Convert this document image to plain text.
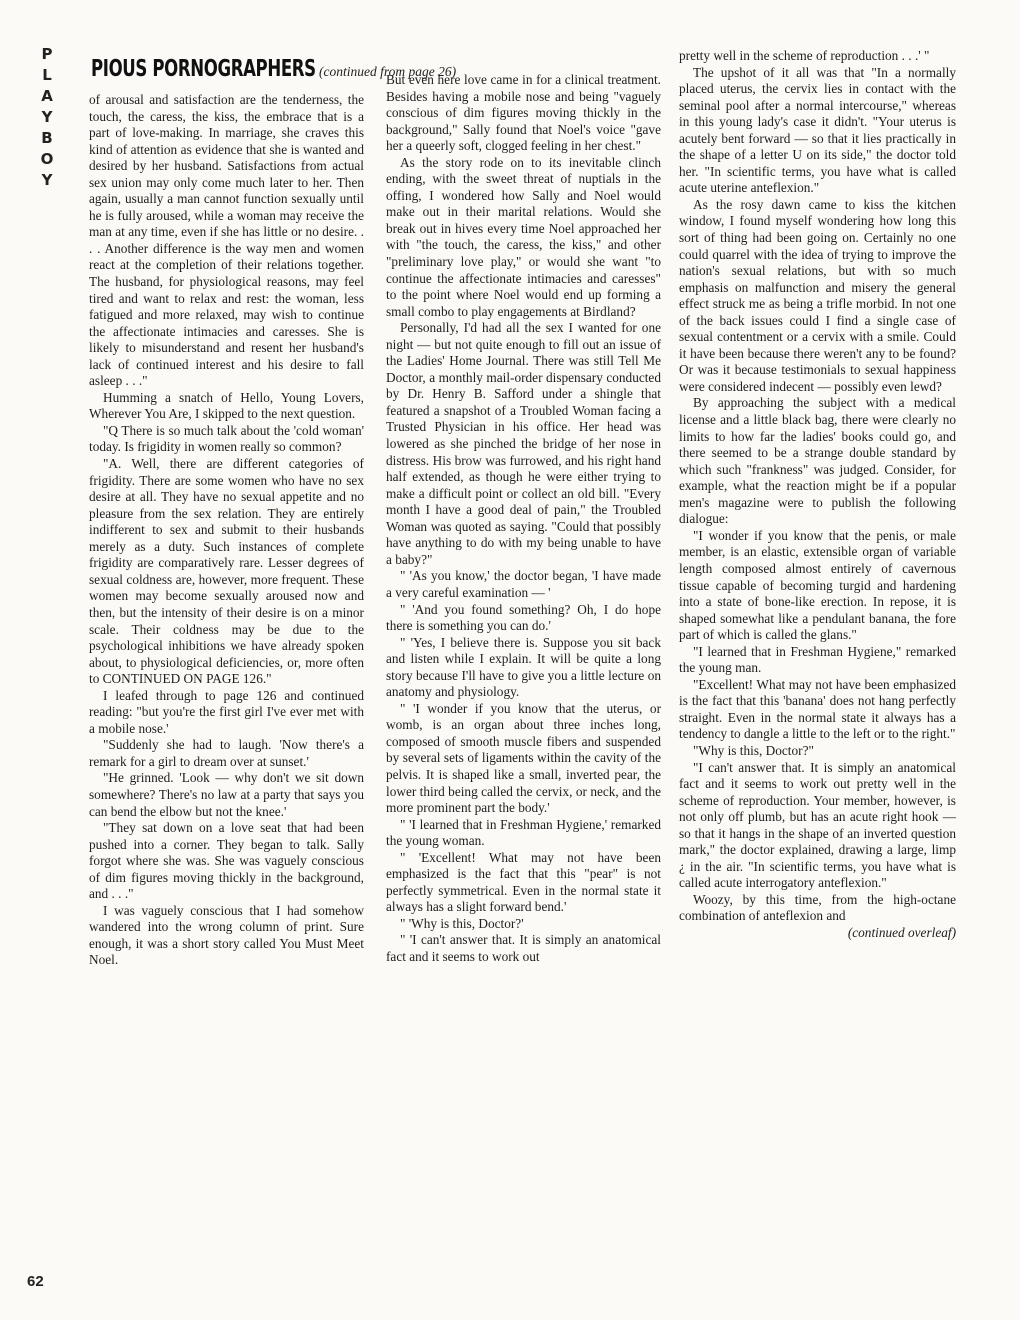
P
L
A
Y
B
O
Y
62
PIOUS PORNOGRAPHERS (continued from page 26)

of arousal and satisfaction are the tenderness, the touch, the caress, the kiss, the embrace that is a part of love-making. In marriage, she craves this kind of attention as evidence that she is wanted and desired by her husband. Satisfactions from actual sex union may only come much later to her. Then again, usually a man cannot function sexually until he is fully aroused, while a woman may receive the man at any time, even if she has little or no desire. . . . Another difference is the way men and women react at the completion of their relations together. The husband, for physiological reasons, may feel tired and want to relax and rest: the woman, less fatigued and more relaxed, may wish to continue the affectionate intimacies and caresses. She is likely to misunderstand and resent her husband's lack of continued interest and his desire to fall asleep . . ."

Humming a snatch of Hello, Young Lovers, Wherever You Are, I skipped to the next question.

"Q There is so much talk about the 'cold woman' today. Is frigidity in women really so common?

"A. Well, there are different categories of frigidity. There are some women who have no sex desire at all. They have no sexual appetite and no pleasure from the sex relation. They are entirely indifferent to sex and submit to their husbands merely as a duty. Such instances of complete frigidity are comparatively rare. Lesser degrees of sexual coldness are, however, more frequent. These women may become sexually aroused now and then, but the intensity of their desire is on a minor scale. Their coldness may be due to the psychological inhibitions we have already spoken about, to physiological deficiencies, or, more often to CONTINUED ON PAGE 126."

I leafed through to page 126 and continued reading: "but you're the first girl I've ever met with a mobile nose.'

"Suddenly she had to laugh. 'Now there's a remark for a girl to dream over at sunset.'

"He grinned. 'Look — why don't we sit down somewhere? There's no law at a party that says you can bend the elbow but not the knee.'

"They sat down on a love seat that had been pushed into a corner. They began to talk. Sally forgot where she was. She was vaguely conscious of dim figures moving thickly in the background, and . . ."

I was vaguely conscious that I had somehow wandered into the wrong column of print. Sure enough, it was a short story called You Must Meet Noel.

But even here love came in for a clinical treatment. Besides having a mobile nose and being "vaguely conscious of dim figures moving thickly in the background," Sally found that Noel's voice "gave her a queerly soft, clogged feeling in her chest."

As the story rode on to its inevitable clinch ending, with the sweet threat of nuptials in the offing, I wondered how Sally and Noel would make out in their marital relations. Would she break out in hives every time Noel approached her with "the touch, the caress, the kiss," and other "preliminary love play," or would she want "to continue the affectionate intimacies and caresses" to the point where Noel would end up forming a small combo to play engagements at Birdland?

Personally, I'd had all the sex I wanted for one night — but not quite enough to fill out an issue of the Ladies' Home Journal. There was still Tell Me Doctor, a monthly mail-order dispensary conducted by Dr. Henry B. Safford under a shingle that featured a snapshot of a Troubled Woman facing a Trusted Physician in his office. Her head was lowered as she pinched the bridge of her nose in distress. His brow was furrowed, and his right hand half extended, as though he were either trying to make a difficult point or collect an old bill. "Every month I have a good deal of pain," the Troubled Woman was quoted as saying. "Could that possibly have anything to do with my being unable to have a baby?"

" 'As you know,' the doctor began, 'I have made a very careful examination — '

" 'And you found something? Oh, I do hope there is something you can do.'

" 'Yes, I believe there is. Suppose you sit back and listen while I explain. It will be quite a long story because I'll have to give you a little lecture on anatomy and physiology.

" 'I wonder if you know that the uterus, or womb, is an organ about three inches long, composed of smooth muscle fibers and suspended by several sets of ligaments within the cavity of the pelvis. It is shaped like a small, inverted pear, the lower third being called the cervix, or neck, and the more prominent part the body.'

" 'I learned that in Freshman Hygiene,' remarked the young woman.

" 'Excellent! What may not have been emphasized is the fact that this "pear" is not perfectly symmetrical. Even in the normal state it always has a slight forward bend.'

" 'Why is this, Doctor?'

" 'I can't answer that. It is simply an anatomical fact and it seems to work out

pretty well in the scheme of reproduction . . .' "

The upshot of it all was that "In a normally placed uterus, the cervix lies in contact with the seminal pool after a normal intercourse," whereas in this young lady's case it didn't. "Your uterus is acutely bent forward — so that it lies practically in the shape of a letter U on its side," the doctor told her. "In scientific terms, you have what is called acute uterine anteflexion."

As the rosy dawn came to kiss the kitchen window, I found myself wondering how long this sort of thing had been going on. Certainly no one could quarrel with the idea of trying to improve the nation's sexual relations, but with so much emphasis on malfunction and misery the general effect struck me as being a trifle morbid. In not one of the back issues could I find a single case of sexual contentment or a cervix with a smile. Could it have been because there weren't any to be found? Or was it because testimonials to sexual happiness were considered indecent — possibly even lewd?

By approaching the subject with a medical license and a little black bag, there were clearly no limits to how far the ladies' books could go, and there seemed to be a strange double standard by which such "frankness" was judged. Consider, for example, what the reaction might be if a popular men's magazine were to publish the following dialogue:

"I wonder if you know that the penis, or male member, is an elastic, extensible organ of variable length composed almost entirely of cavernous tissue capable of becoming turgid and hardening into a state of bone-like erection. In repose, it is shaped somewhat like a pendulant banana, the fore part of which is called the glans."

"I learned that in Freshman Hygiene," remarked the young man.

"Excellent! What may not have been emphasized is the fact that this 'banana' does not hang perfectly straight. Even in the normal state it always has a tendency to dangle a little to the left or to the right."

"Why is this, Doctor?"

"I can't answer that. It is simply an anatomical fact and it seems to work out pretty well in the scheme of reproduction. Your member, however, is not only off plumb, but has an acute right hook — so that it hangs in the shape of an inverted question mark," the doctor explained, drawing a large, limp ¿ in the air. "In scientific terms, you have what is called acute interrogatory anteflexion."

Woozy, by this time, from the high-octane combination of anteflexion and

(continued overleaf)
